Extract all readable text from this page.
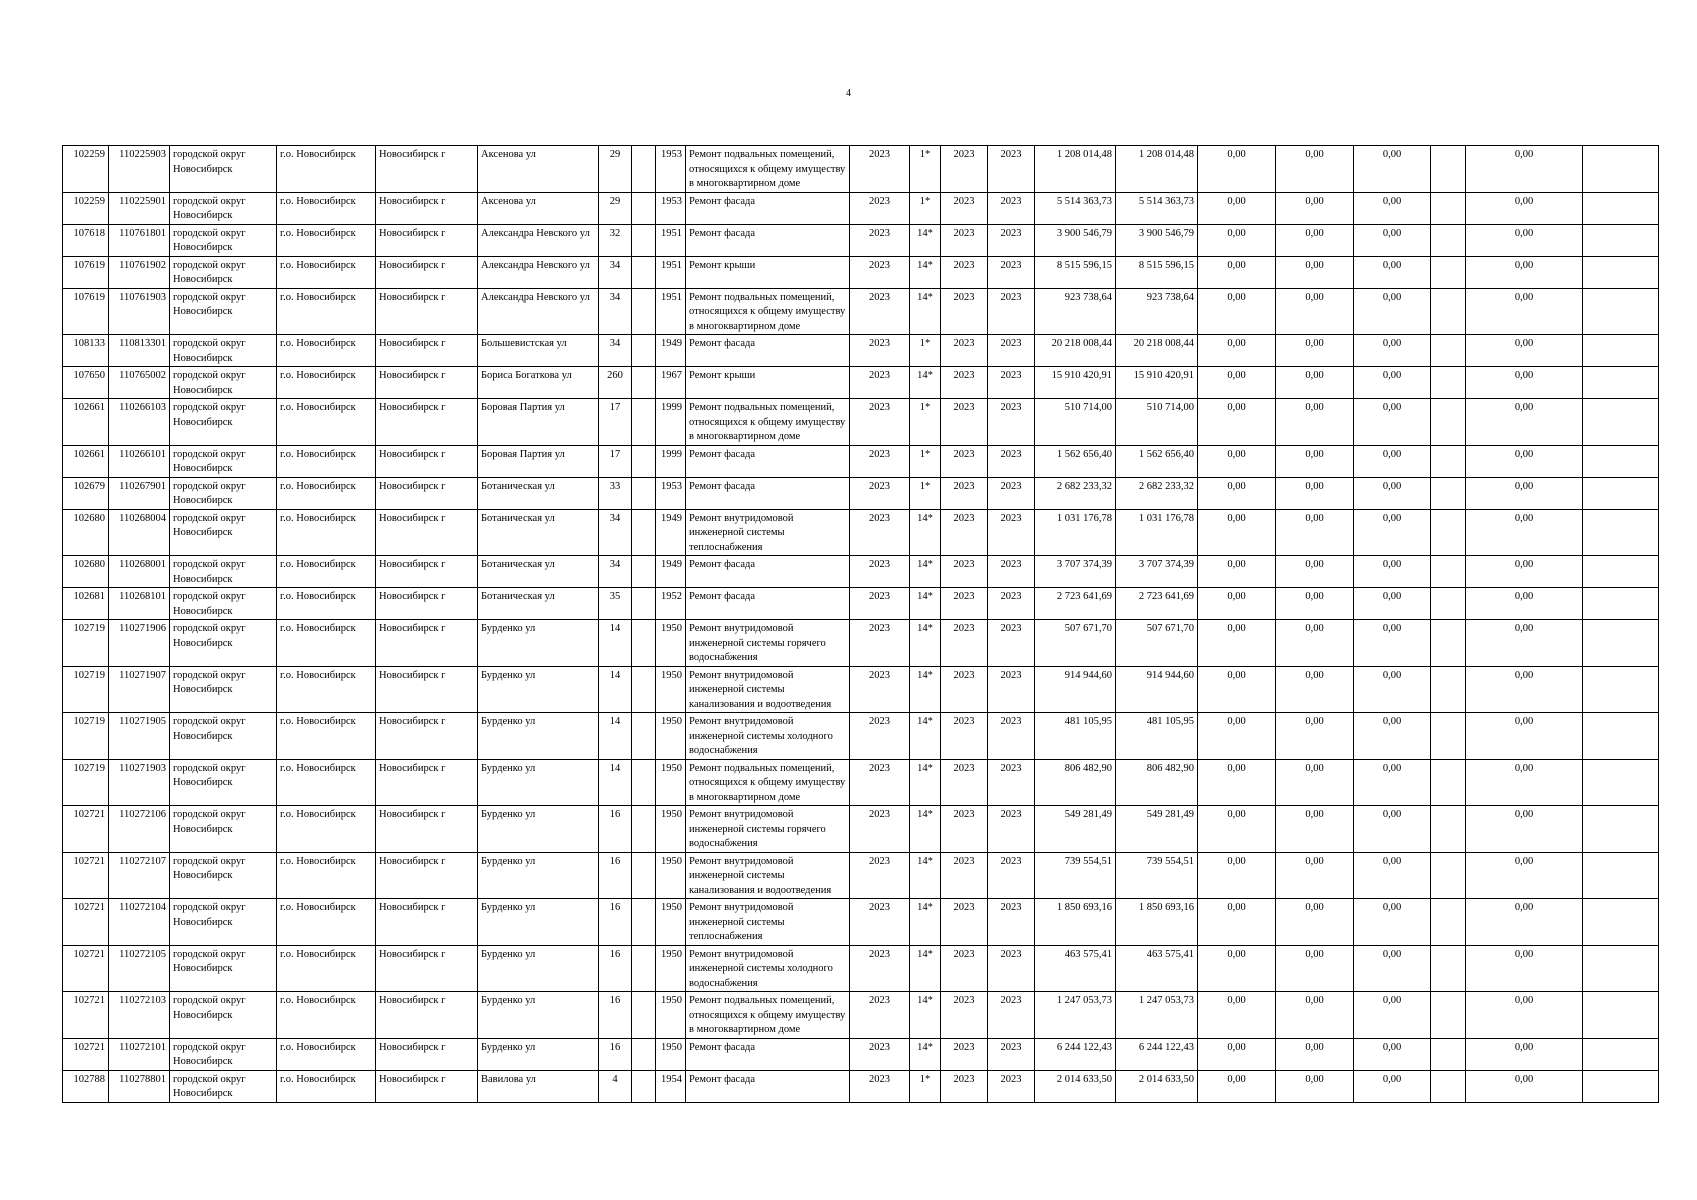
4
102259	110225903	городской округ Новосибирск	г.о. Новосибирск	Новосибирск г	Аксенова ул	29		1953	Ремонт подвальных помещений, относящихся к общему имуществу в многоквартирном доме	2023	1*	2023	2023	1 208 014,48	1 208 014,48	0,00	0,00	0,00		0,00	
102259	110225901	городской округ Новосибирск	г.о. Новосибирск	Новосибирск г	Аксенова ул	29		1953	Ремонт фасада	2023	1*	2023	2023	5 514 363,73	5 514 363,73	0,00	0,00	0,00		0,00	
107618	110761801	городской округ Новосибирск	г.о. Новосибирск	Новосибирск г	Александра Невского ул	32		1951	Ремонт фасада	2023	14*	2023	2023	3 900 546,79	3 900 546,79	0,00	0,00	0,00		0,00	
107619	110761902	городской округ Новосибирск	г.о. Новосибирск	Новосибирск г	Александра Невского ул	34		1951	Ремонт крыши	2023	14*	2023	2023	8 515 596,15	8 515 596,15	0,00	0,00	0,00		0,00	
107619	110761903	городской округ Новосибирск	г.о. Новосибирск	Новосибирск г	Александра Невского ул	34		1951	Ремонт подвальных помещений, относящихся к общему имуществу в многоквартирном доме	2023	14*	2023	2023	923 738,64	923 738,64	0,00	0,00	0,00		0,00	
108133	110813301	городской округ Новосибирск	г.о. Новосибирск	Новосибирск г	Большевистская ул	34		1949	Ремонт фасада	2023	1*	2023	2023	20 218 008,44	20 218 008,44	0,00	0,00	0,00		0,00	
107650	110765002	городской округ Новосибирск	г.о. Новосибирск	Новосибирск г	Бориса Богаткова ул	260		1967	Ремонт крыши	2023	14*	2023	2023	15 910 420,91	15 910 420,91	0,00	0,00	0,00		0,00	
102661	110266103	городской округ Новосибирск	г.о. Новосибирск	Новосибирск г	Боровая Партия ул	17		1999	Ремонт подвальных помещений, относящихся к общему имуществу в многоквартирном доме	2023	1*	2023	2023	510 714,00	510 714,00	0,00	0,00	0,00		0,00	
102661	110266101	городской округ Новосибирск	г.о. Новосибирск	Новосибирск г	Боровая Партия ул	17		1999	Ремонт фасада	2023	1*	2023	2023	1 562 656,40	1 562 656,40	0,00	0,00	0,00		0,00	
102679	110267901	городской округ Новосибирск	г.о. Новосибирск	Новосибирск г	Ботаническая ул	33		1953	Ремонт фасада	2023	1*	2023	2023	2 682 233,32	2 682 233,32	0,00	0,00	0,00		0,00	
102680	110268004	городской округ Новосибирск	г.о. Новосибирск	Новосибирск г	Ботаническая ул	34		1949	Ремонт внутридомовой инженерной системы теплоснабжения	2023	14*	2023	2023	1 031 176,78	1 031 176,78	0,00	0,00	0,00		0,00	
102680	110268001	городской округ Новосибирск	г.о. Новосибирск	Новосибирск г	Ботаническая ул	34		1949	Ремонт фасада	2023	14*	2023	2023	3 707 374,39	3 707 374,39	0,00	0,00	0,00		0,00	
102681	110268101	городской округ Новосибирск	г.о. Новосибирск	Новосибирск г	Ботаническая ул	35		1952	Ремонт фасада	2023	14*	2023	2023	2 723 641,69	2 723 641,69	0,00	0,00	0,00		0,00	
102719	110271906	городской округ Новосибирск	г.о. Новосибирск	Новосибирск г	Бурденко ул	14		1950	Ремонт внутридомовой инженерной системы горячего водоснабжения	2023	14*	2023	2023	507 671,70	507 671,70	0,00	0,00	0,00		0,00	
102719	110271907	городской округ Новосибирск	г.о. Новосибирск	Новосибирск г	Бурденко ул	14		1950	Ремонт внутридомовой инженерной системы канализования и водоотведения	2023	14*	2023	2023	914 944,60	914 944,60	0,00	0,00	0,00		0,00	
102719	110271905	городской округ Новосибирск	г.о. Новосибирск	Новосибирск г	Бурденко ул	14		1950	Ремонт внутридомовой инженерной системы холодного водоснабжения	2023	14*	2023	2023	481 105,95	481 105,95	0,00	0,00	0,00		0,00	
102719	110271903	городской округ Новосибирск	г.о. Новосибирск	Новосибирск г	Бурденко ул	14		1950	Ремонт подвальных помещений, относящихся к общему имуществу в многоквартирном доме	2023	14*	2023	2023	806 482,90	806 482,90	0,00	0,00	0,00		0,00	
102721	110272106	городской округ Новосибирск	г.о. Новосибирск	Новосибирск г	Бурденко ул	16		1950	Ремонт внутридомовой инженерной системы горячего водоснабжения	2023	14*	2023	2023	549 281,49	549 281,49	0,00	0,00	0,00		0,00	
102721	110272107	городской округ Новосибирск	г.о. Новосибирск	Новосибирск г	Бурденко ул	16		1950	Ремонт внутридомовой инженерной системы канализования и водоотведения	2023	14*	2023	2023	739 554,51	739 554,51	0,00	0,00	0,00		0,00	
102721	110272104	городской округ Новосибирск	г.о. Новосибирск	Новосибирск г	Бурденко ул	16		1950	Ремонт внутридомовой инженерной системы теплоснабжения	2023	14*	2023	2023	1 850 693,16	1 850 693,16	0,00	0,00	0,00		0,00	
102721	110272105	городской округ Новосибирск	г.о. Новосибирск	Новосибирск г	Бурденко ул	16		1950	Ремонт внутридомовой инженерной системы холодного водоснабжения	2023	14*	2023	2023	463 575,41	463 575,41	0,00	0,00	0,00		0,00	
102721	110272103	городской округ Новосибирск	г.о. Новосибирск	Новосибирск г	Бурденко ул	16		1950	Ремонт подвальных помещений, относящихся к общему имуществу в многоквартирном доме	2023	14*	2023	2023	1 247 053,73	1 247 053,73	0,00	0,00	0,00		0,00	
102721	110272101	городской округ Новосибирск	г.о. Новосибирск	Новосибирск г	Бурденко ул	16		1950	Ремонт фасада	2023	14*	2023	2023	6 244 122,43	6 244 122,43	0,00	0,00	0,00		0,00	
102788	110278801	городской округ Новосибирск	г.о. Новосибирск	Новосибирск г	Вавилова ул	4		1954	Ремонт фасада	2023	1*	2023	2023	2 014 633,50	2 014 633,50	0,00	0,00	0,00		0,00	
